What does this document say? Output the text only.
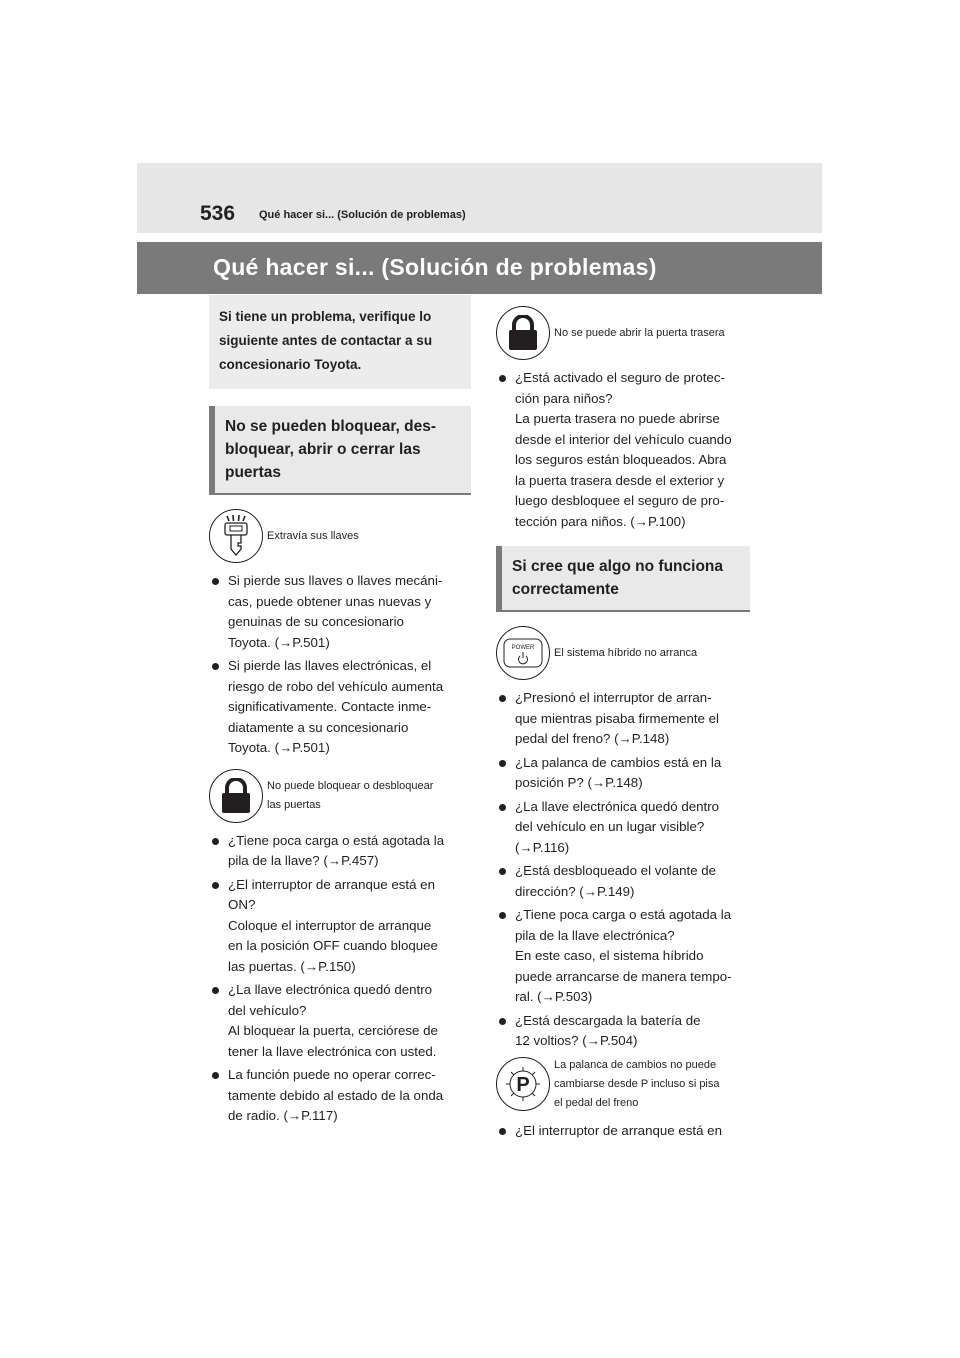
536 Qué hacer si... (Solución de problemas)
Qué hacer si... (Solución de problemas)

Si tiene un problema, verifique lo
siguiente antes de contactar a su
concesionario Toyota.

No se pueden bloquear, des-
bloquear, abrir o cerrar las
puertas
Extravía sus llaves
Si pierde sus llaves o llaves mecáni-
cas, puede obtener unas nuevas y
genuinas de su concesionario
Toyota. (→P.501)
Si pierde las llaves electrónicas, el
riesgo de robo del vehículo aumenta
significativamente. Contacte inme-
diatamente a su concesionario
Toyota. (→P.501)
No puede bloquear o desbloquear
las puertas
¿Tiene poca carga o está agotada la
pila de la llave? (→P.457)
¿El interruptor de arranque está en
ON?
Coloque el interruptor de arranque
en la posición OFF cuando bloquee
las puertas. (→P.150)
¿La llave electrónica quedó dentro
del vehículo?
Al bloquear la puerta, cerciórese de
tener la llave electrónica con usted.
La función puede no operar correc-
tamente debido al estado de la onda
de radio. (→P.117)
No se puede abrir la puerta trasera
¿Está activado el seguro de protec-
ción para niños?
La puerta trasera no puede abrirse
desde el interior del vehículo cuando
los seguros están bloqueados. Abra
la puerta trasera desde el exterior y
luego desbloquee el seguro de pro-
tección para niños. (→P.100)
Si cree que algo no funciona
correctamente
POWER El sistema híbrido no arranca
¿Presionó el interruptor de arran-
que mientras pisaba firmemente el
pedal del freno? (→P.148)
¿La palanca de cambios está en la
posición P? (→P.148)
¿La llave electrónica quedó dentro
del vehículo en un lugar visible?
(→P.116)
¿Está desbloqueado el volante de
dirección? (→P.149)
¿Tiene poca carga o está agotada la
pila de la llave electrónica?
En este caso, el sistema híbrido
puede arrancarse de manera tempo-
ral. (→P.503)
¿Está descargada la batería de
12 voltios? (→P.504)
P
La palanca de cambios no puede
cambiarse desde P incluso si pisa
el pedal del freno
¿El interruptor de arranque está en
